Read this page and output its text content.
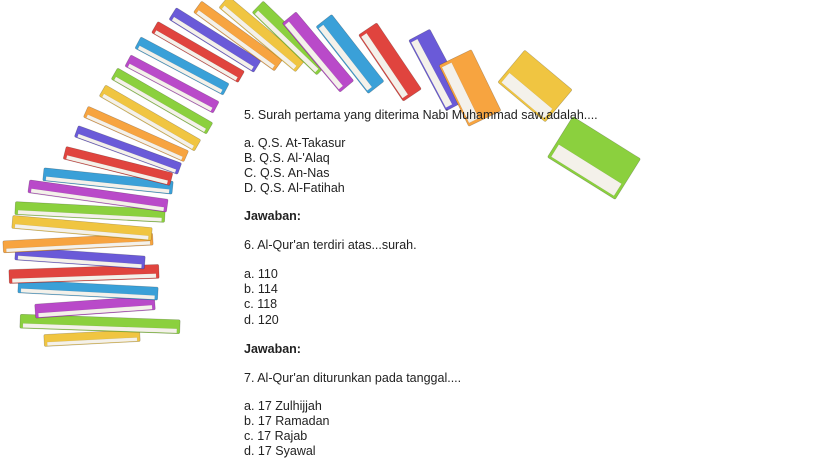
5. Surah pertama yang diterima Nabi Muhammad saw.adalah....
a. Q.S. At-Takasur
B. Q.S. Al-'Alaq
C. Q.S. An-Nas
D. Q.S. Al-Fatihah
Jawaban:
6. Al-Qur'an terdiri atas...surah.
a. 110
b. 114
c. 118
d. 120
Jawaban:
7. Al-Qur'an diturunkan pada tanggal....
a. 17 Zulhijjah
b. 17 Ramadan
c. 17 Rajab
d. 17 Syawal
